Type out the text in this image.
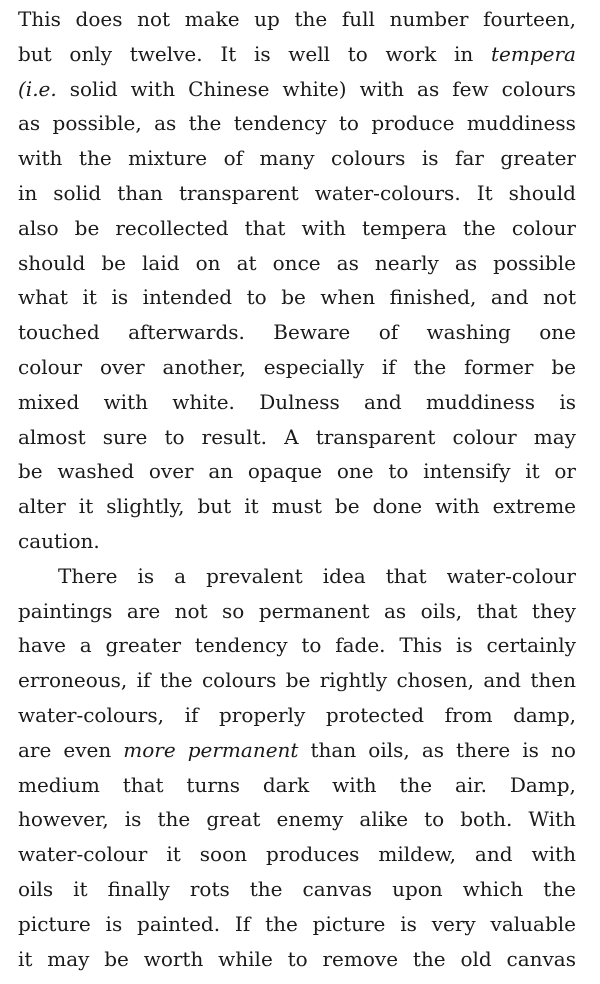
This does not make up the full number fourteen,
but only twelve. It is well to work in tempera
(i.e. solid with Chinese white) with as few colours
as possible, as the tendency to produce muddiness
with the mixture of many colours is far greater
in solid than transparent water-colours. It should
also be recollected that with tempera the colour
should be laid on at once as nearly as possible
what it is intended to be when finished, and not
touched afterwards. Beware of washing one
colour over another, especially if the former be
mixed with white. Dulness and muddiness is
almost sure to result. A transparent colour may
be washed over an opaque one to intensify it or
alter it slightly, but it must be done with extreme
caution.
There is a prevalent idea that water-colour
paintings are not so permanent as oils, that they
have a greater tendency to fade. This is certainly
erroneous, if the colours be rightly chosen, and then
water-colours, if properly protected from damp,
are even more permanent than oils, as there is no
medium that turns dark with the air. Damp,
however, is the great enemy alike to both. With
water-colour it soon produces mildew, and with
oils it finally rots the canvas upon which the
picture is painted. If the picture is very valuable
it may be worth while to remove the old canvas
